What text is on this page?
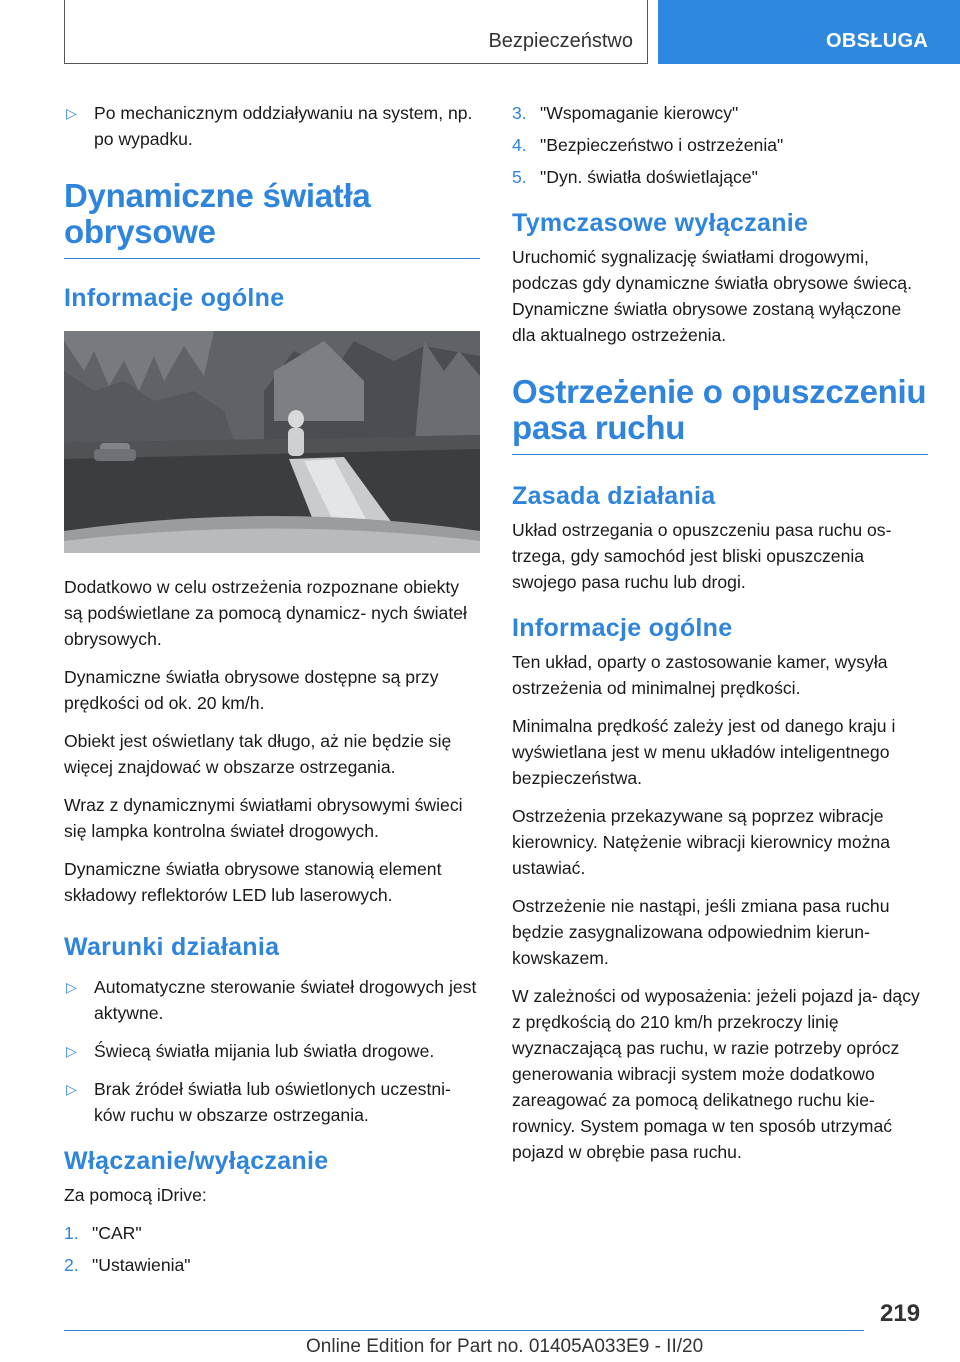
Bezpieczeństwo	OBSŁUGA
▷ Po mechanicznym oddziaływaniu na system, np. po wypadku.
Dynamiczne światła obrysowe
Informacje ogólne

Dodatkowo w celu ostrzeżenia rozpoznane obiekty są podświetlane za pomocą dynamicz‐ nych świateł obrysowych.

Dynamiczne światła obrysowe dostępne są przy prędkości od ok. 20 km/h.

Obiekt jest oświetlany tak długo, aż nie będzie się więcej znajdować w obszarze ostrzegania.

Wraz z dynamicznymi światłami obrysowymi świeci się lampka kontrolna świateł drogowych.

Dynamiczne światła obrysowe stanowią element składowy reflektorów LED lub laserowych.

Warunki działania
▷ Automatyczne sterowanie świateł drogowych jest aktywne.
▷ Świecą światła mijania lub światła drogowe.
▷ Brak źródeł światła lub oświetlonych uczestni‐ ków ruchu w obszarze ostrzegania.
Włączanie/wyłączanie

Za pomocą iDrive:

1. "CAR"
2. "Ustawienia"
3. "Wspomaganie kierowcy"
4. "Bezpieczeństwo i ostrzeżenia"
5. "Dyn. światła doświetlające"
Tymczasowe wyłączanie

Uruchomić sygnalizację światłami drogowymi, podczas gdy dynamiczne światła obrysowe świecą. Dynamiczne światła obrysowe zostaną wyłączone dla aktualnego ostrzeżenia.

Ostrzeżenie o opuszczeniu pasa ruchu
Zasada działania

Układ ostrzegania o opuszczeniu pasa ruchu os‐ trzega, gdy samochód jest bliski opuszczenia swojego pasa ruchu lub drogi.

Informacje ogólne

Ten układ, oparty o zastosowanie kamer, wysyła ostrzeżenia od minimalnej prędkości.

Minimalna prędkość zależy jest od danego kraju i wyświetlana jest w menu układów inteligentnego bezpieczeństwa.

Ostrzeżenia przekazywane są poprzez wibracje kierownicy. Natężenie wibracji kierownicy można ustawiać.

Ostrzeżenie nie nastąpi, jeśli zmiana pasa ruchu będzie zasygnalizowana odpowiednim kierun‐ kowskazem.

W zależności od wyposażenia: jeżeli pojazd ja‐ dący z prędkością do 210 km/h przekroczy linię wyznaczającą pas ruchu, w razie potrzeby oprócz generowania wibracji system może dodatkowo zareagować za pomocą delikatnego ruchu kie‐ rownicy. System pomaga w ten sposób utrzymać pojazd w obrębie pasa ruchu.

219
Online Edition for Part no. 01405A033E9 - II/20
